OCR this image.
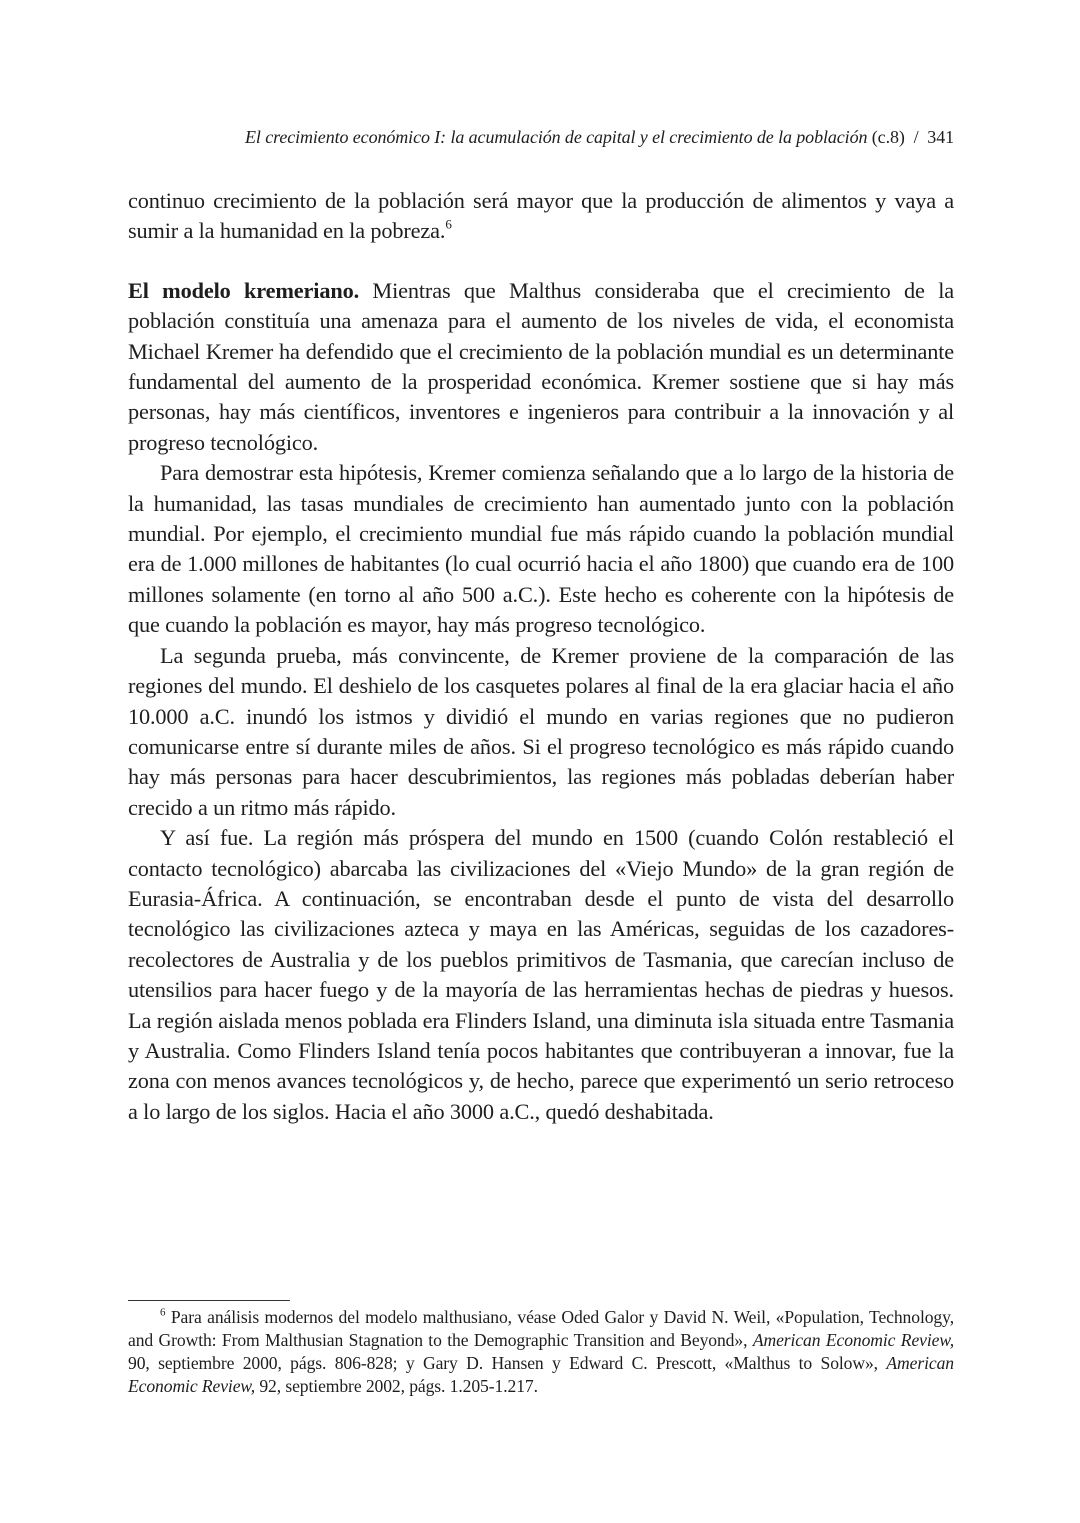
El crecimiento económico I: la acumulación de capital y el crecimiento de la población (c.8) / 341

continuo crecimiento de la población será mayor que la producción de alimentos y vaya a sumir a la humanidad en la pobreza.$^6$

El modelo kremeriano. Mientras que Malthus consideraba que el crecimiento de la población constituía una amenaza para el aumento de los niveles de vida, el economista Michael Kremer ha defendido que el crecimiento de la población mundial es un determinante fundamental del aumento de la prosperidad económica. Kremer sostiene que si hay más personas, hay más científicos, inventores e ingenieros para contribuir a la innovación y al progreso tecnológico.

Para demostrar esta hipótesis, Kremer comienza señalando que a lo largo de la historia de la humanidad, las tasas mundiales de crecimiento han aumentado junto con la población mundial. Por ejemplo, el crecimiento mundial fue más rápido cuando la población mundial era de 1.000 millones de habitantes (lo cual ocurrió hacia el año 1800) que cuando era de 100 millones solamente (en torno al año 500 a.C.). Este hecho es coherente con la hipótesis de que cuando la población es mayor, hay más progreso tecnológico.

La segunda prueba, más convincente, de Kremer proviene de la comparación de las regiones del mundo. El deshielo de los casquetes polares al final de la era glaciar hacia el año 10.000 a.C. inundó los istmos y dividió el mundo en varias regiones que no pudieron comunicarse entre sí durante miles de años. Si el progreso tecnológico es más rápido cuando hay más personas para hacer descubrimientos, las regiones más pobladas deberían haber crecido a un ritmo más rápido.

Y así fue. La región más próspera del mundo en 1500 (cuando Colón restableció el contacto tecnológico) abarcaba las civilizaciones del «Viejo Mundo» de la gran región de Eurasia-África. A continuación, se encontraban desde el punto de vista del desarrollo tecnológico las civilizaciones azteca y maya en las Américas, seguidas de los cazadores-recolectores de Australia y de los pueblos primitivos de Tasmania, que carecían incluso de utensilios para hacer fuego y de la mayoría de las herramientas hechas de piedras y huesos. La región aislada menos poblada era Flinders Island, una diminuta isla situada entre Tasmania y Australia. Como Flinders Island tenía pocos habitantes que contribuyeran a innovar, fue la zona con menos avances tecnológicos y, de hecho, parece que experimentó un serio retroceso a lo largo de los siglos. Hacia el año 3000 a.C., quedó deshabitada.

$^6$ Para análisis modernos del modelo malthusiano, véase Oded Galor y David N. Weil, «Population, Technology, and Growth: From Malthusian Stagnation to the Demographic Transition and Beyond», American Economic Review, 90, septiembre 2000, págs. 806-828; y Gary D. Hansen y Edward C. Prescott, «Malthus to Solow», American Economic Review, 92, septiembre 2002, págs. 1.205-1.217.
